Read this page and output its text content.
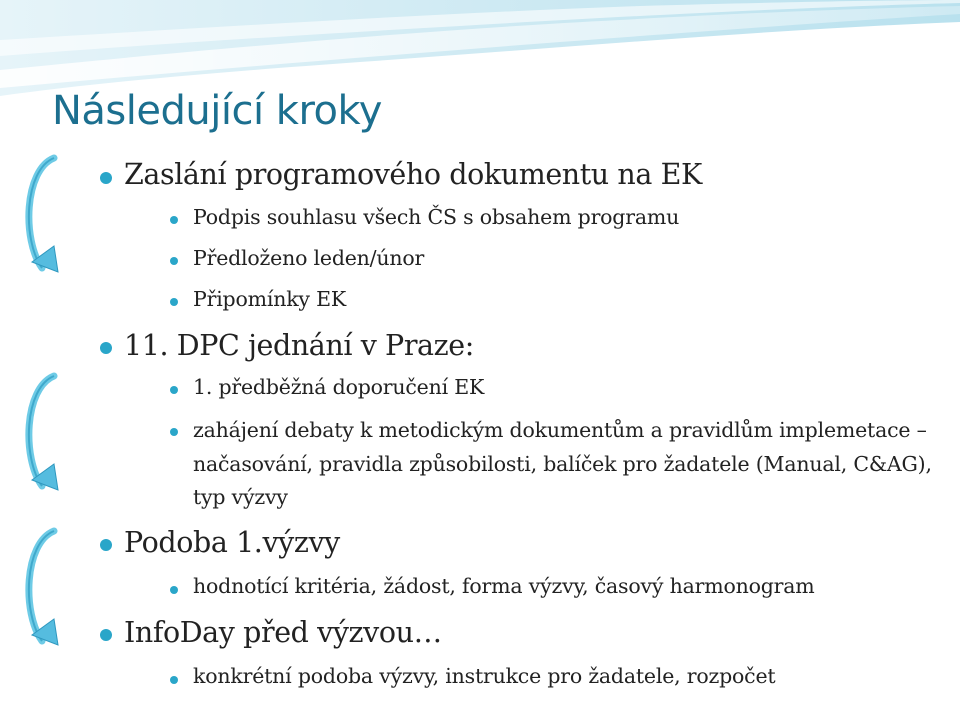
Následující kroky
Zaslání programového dokumentu na EK
Podpis souhlasu všech ČS s obsahem programu
Předloženo leden/únor
Připomínky EK
11. DPC jednání v Praze:
1. předběžná doporučení EK
zahájení debaty k metodickým dokumentům a pravidlům implemetace – načasování, pravidla způsobilosti, balíček pro žadatele (Manual, C&AG), typ výzvy
Podoba 1.výzvy
hodnotící kritéria, žádost, forma výzvy, časový harmonogram
InfoDay před výzvou…
konkrétní podoba výzvy, instrukce pro žadatele, rozpočet
